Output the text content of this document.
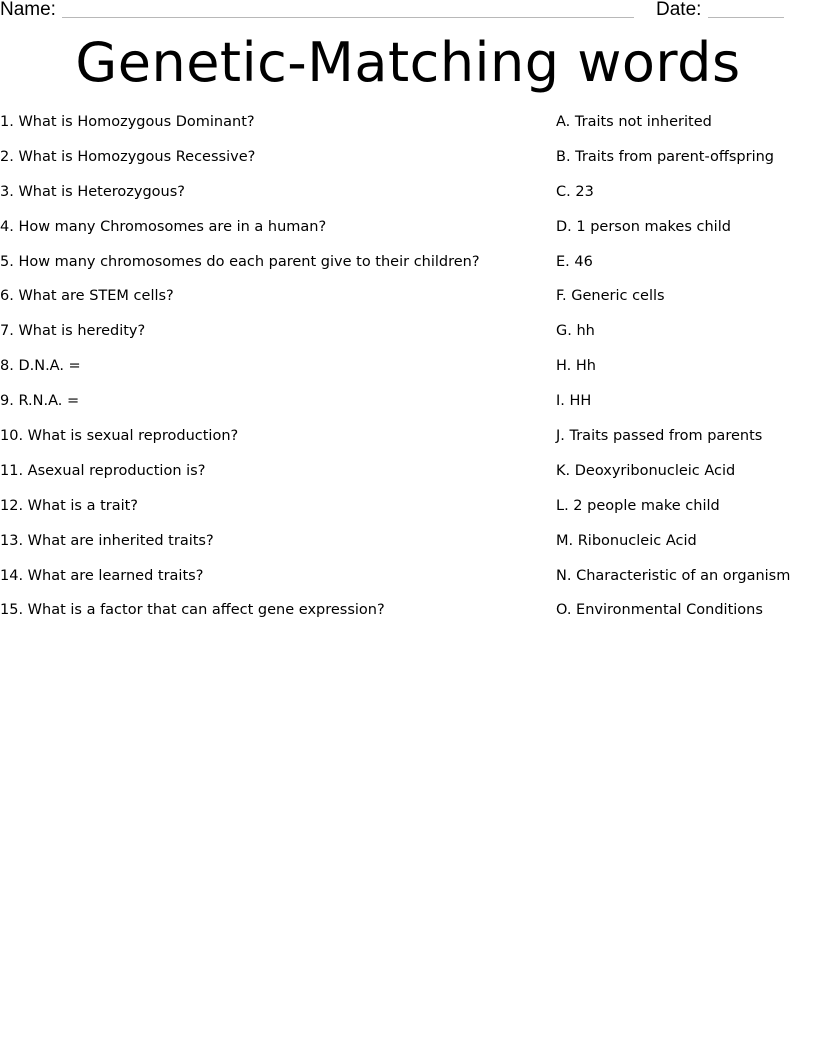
Name:	Date:
Genetic-Matching words
1. What is Homozygous Dominant?
2. What is Homozygous Recessive?
3. What is Heterozygous?
4. How many Chromosomes are in a human?
5. How many chromosomes do each parent give to their children?
6. What are STEM cells?
7. What is heredity?
8. D.N.A. =
9. R.N.A. =
10. What is sexual reproduction?
11. Asexual reproduction is?
12. What is a trait?
13. What are inherited traits?
14. What are learned traits?
15. What is a factor that can affect gene expression?
A. Traits not inherited
B. Traits from parent-offspring
C. 23
D. 1 person makes child
E. 46
F. Generic cells
G. hh
H. Hh
I. HH
J. Traits passed from parents
K. Deoxyribonucleic Acid
L. 2 people make child
M. Ribonucleic Acid
N. Characteristic of an organism
O. Environmental Conditions
